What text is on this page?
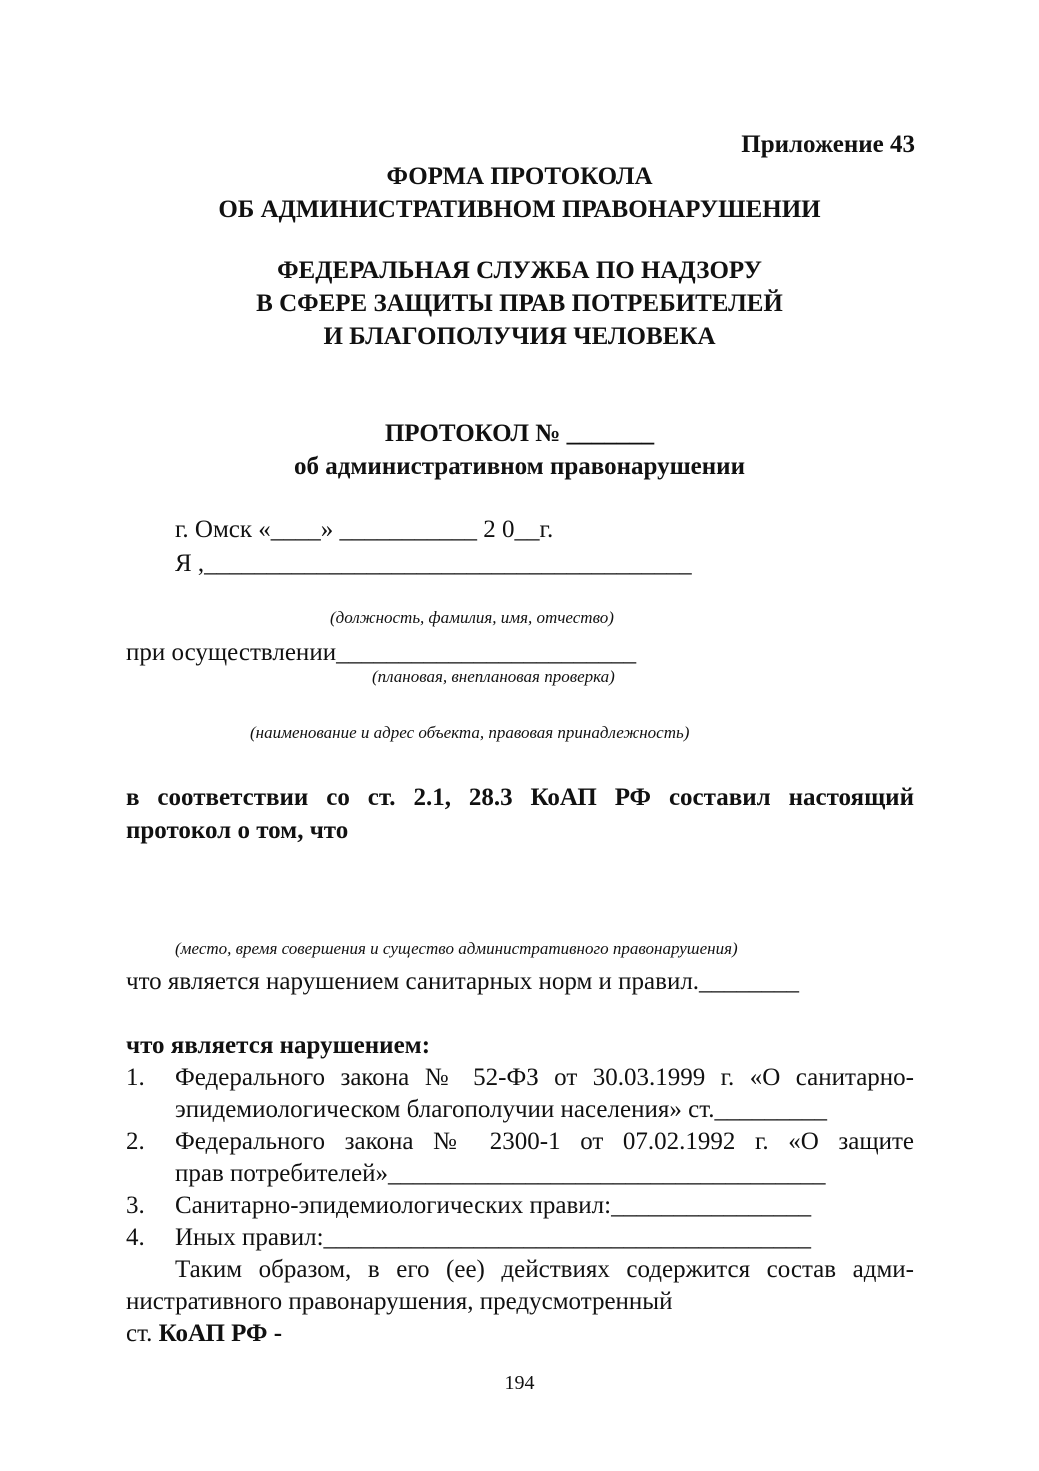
Приложение 43
ФОРМА ПРОТОКОЛА
ОБ АДМИНИСТРАТИВНОМ ПРАВОНАРУШЕНИИ
ФЕДЕРАЛЬНАЯ СЛУЖБА ПО НАДЗОРУ
В СФЕРЕ ЗАЩИТЫ ПРАВ ПОТРЕБИТЕЛЕЙ
И БЛАГОПОЛУЧИЯ ЧЕЛОВЕКА
ПРОТОКОЛ № _______
об административном правонарушении
г. Омск «____» ___________ 2 0__г.
Я ,_______________________________________
(должность, фамилия, имя, отчество)
при осуществлении________________________
(плановая, внеплановая проверка)
(наименование и адрес объекта, правовая принадлежность)
в соответствии со ст. 2.1, 28.3 КоАП РФ составил настоящий
протокол о том, что
(место, время совершения и существо административного правонарушения)
что является нарушением санитарных норм и правил.________
что является нарушением:
1. Федерального закона № 52-ФЗ от 30.03.1999 г. «О санитарно-
эпидемиологическом благополучии населения» ст._________
2. Федерального закона № 2300-1 от 07.02.1992 г. «О защите
прав потребителей»___________________________________
3. Санитарно-эпидемиологических правил:________________
4. Иных правил:_______________________________________
Таким образом, в его (ее) действиях содержится состав адми-
нистративного правонарушения, предусмотренный
ст. КоАП РФ -
194
